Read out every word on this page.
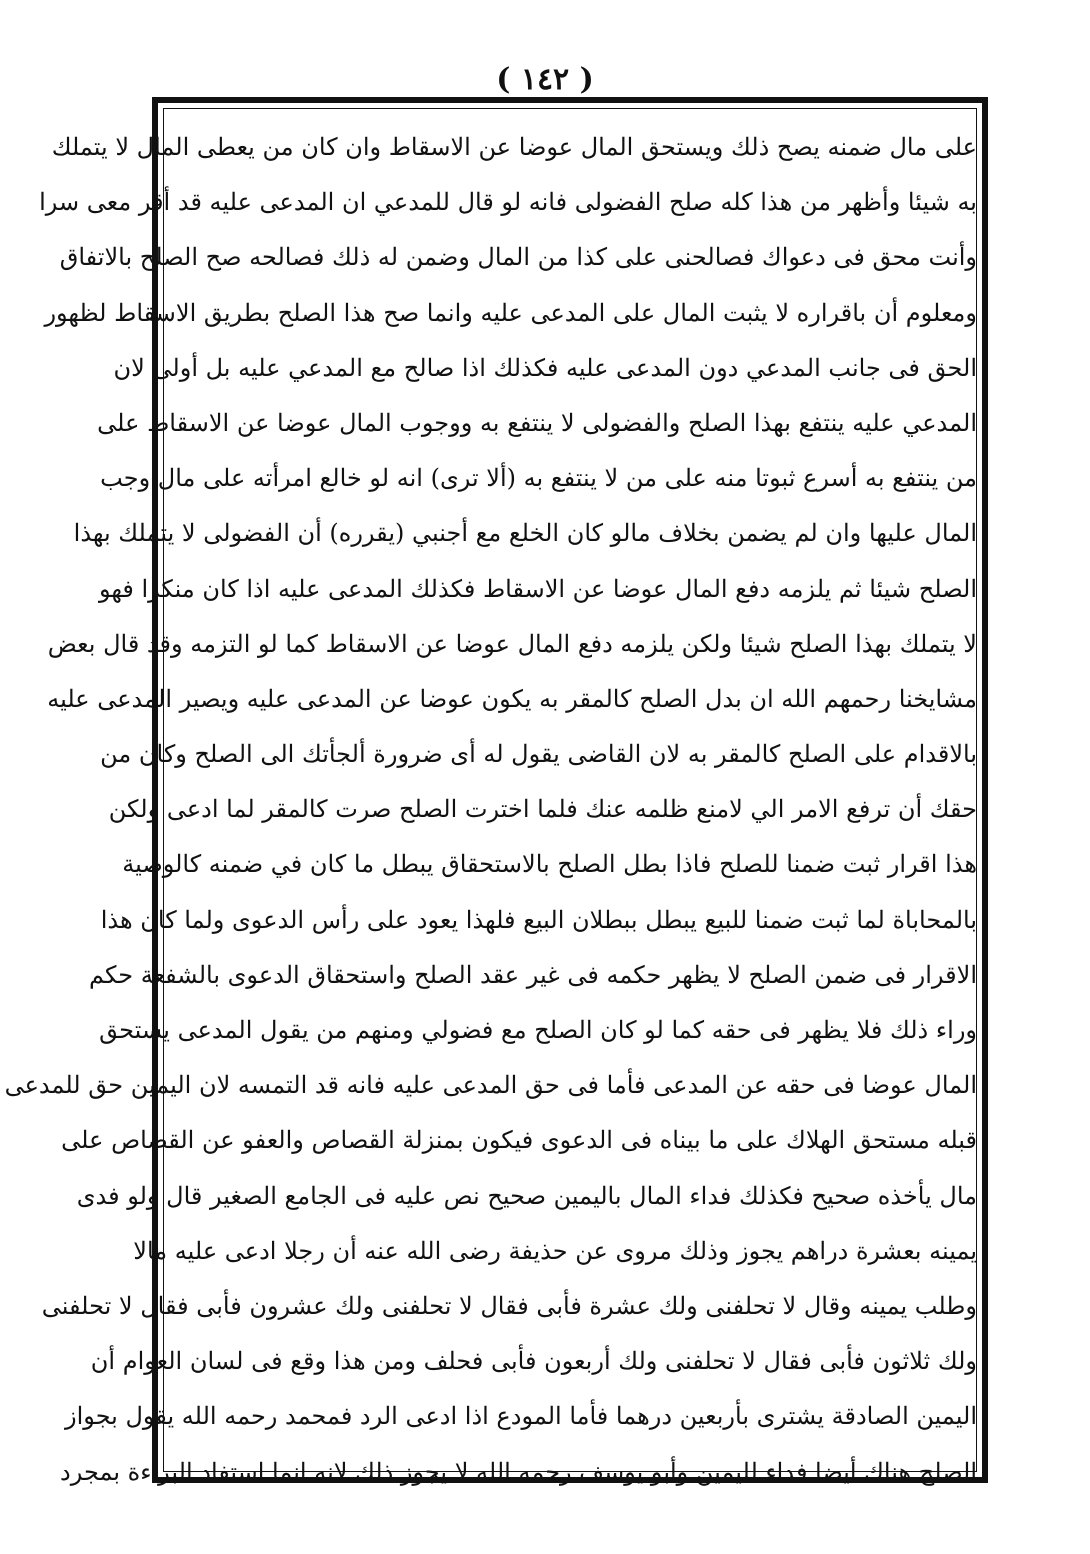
( ١٤٢ )
على مال ضمنه يصح ذلك ويستحق المال عوضا عن الاسقاط وان كان من يعطى المال لا يتملك
به شيئا وأظهر من هذا كله صلح الفضولى فانه لو قال للمدعي ان المدعى عليه قد أقر معى سرا
وأنت محق فى دعواك فصالحنى على كذا من المال وضمن له ذلك فصالحه صح الصلح بالاتفاق
ومعلوم أن باقراره لا يثبت المال على المدعى عليه وانما صح هذا الصلح بطريق الاسقاط لظهور
الحق فى جانب المدعي دون المدعى عليه فكذلك اذا صالح مع المدعي عليه بل أولى لان
المدعي عليه ينتفع بهذا الصلح والفضولى لا ينتفع به ووجوب المال عوضا عن الاسقاط على
من ينتفع به أسرع ثبوتا منه على من لا ينتفع به (ألا ترى) انه لو خالع امرأته على مال وجب
المال عليها وان لم يضمن بخلاف مالو كان الخلع مع أجنبي (يقرره) أن الفضولى لا يتملك بهذا
الصلح شيئا ثم يلزمه دفع المال عوضا عن الاسقاط فكذلك المدعى عليه اذا كان منكرا فهو
لا يتملك بهذا الصلح شيئا ولكن يلزمه دفع المال عوضا عن الاسقاط كما لو التزمه وقد قال بعض
مشايخنا رحمهم الله ان بدل الصلح كالمقر به يكون عوضا عن المدعى عليه ويصير المدعى عليه
بالاقدام على الصلح كالمقر به لان القاضى يقول له أى ضرورة ألجأتك الى الصلح وكان من
حقك أن ترفع الامر الي لامنع ظلمه عنك فلما اخترت الصلح صرت كالمقر لما ادعى ولكن
هذا اقرار ثبت ضمنا للصلح فاذا بطل الصلح بالاستحقاق يبطل ما كان في ضمنه كالوصية
بالمحاباة لما ثبت ضمنا للبيع يبطل ببطلان البيع فلهذا يعود على رأس الدعوى ولما كان هذا
الاقرار فى ضمن الصلح لا يظهر حكمه فى غير عقد الصلح واستحقاق الدعوى بالشفعة حكم
وراء ذلك فلا يظهر فى حقه كما لو كان الصلح مع فضولي ومنهم من يقول المدعى يستحق
المال عوضا فى حقه عن المدعى فأما فى حق المدعى عليه فانه قد التمسه لان اليمين حق للمدعى
قبله مستحق الهلاك على ما بيناه فى الدعوى فيكون بمنزلة القصاص والعفو عن القصاص على
مال يأخذه صحيح فكذلك فداء المال باليمين صحيح نص عليه فى الجامع الصغير قال ولو فدى
يمينه بعشرة دراهم يجوز وذلك مروى عن حذيفة رضى الله عنه أن رجلا ادعى عليه مالا
وطلب يمينه وقال لا تحلفنى ولك عشرة فأبى فقال لا تحلفنى ولك عشرون فأبى فقال لا تحلفنى
ولك ثلاثون فأبى فقال لا تحلفنى ولك أربعون فأبى فحلف ومن هذا وقع فى لسان العوام أن
اليمين الصادقة يشترى بأربعين درهما فأما المودع اذا ادعى الرد فمحمد رحمه الله يقول بجواز
الصلح هناك أيضا فداء لليمين وأبو يوسف رحمه الله لا يجوز ذلك لانه انما استفاد البراءة بمجرد
